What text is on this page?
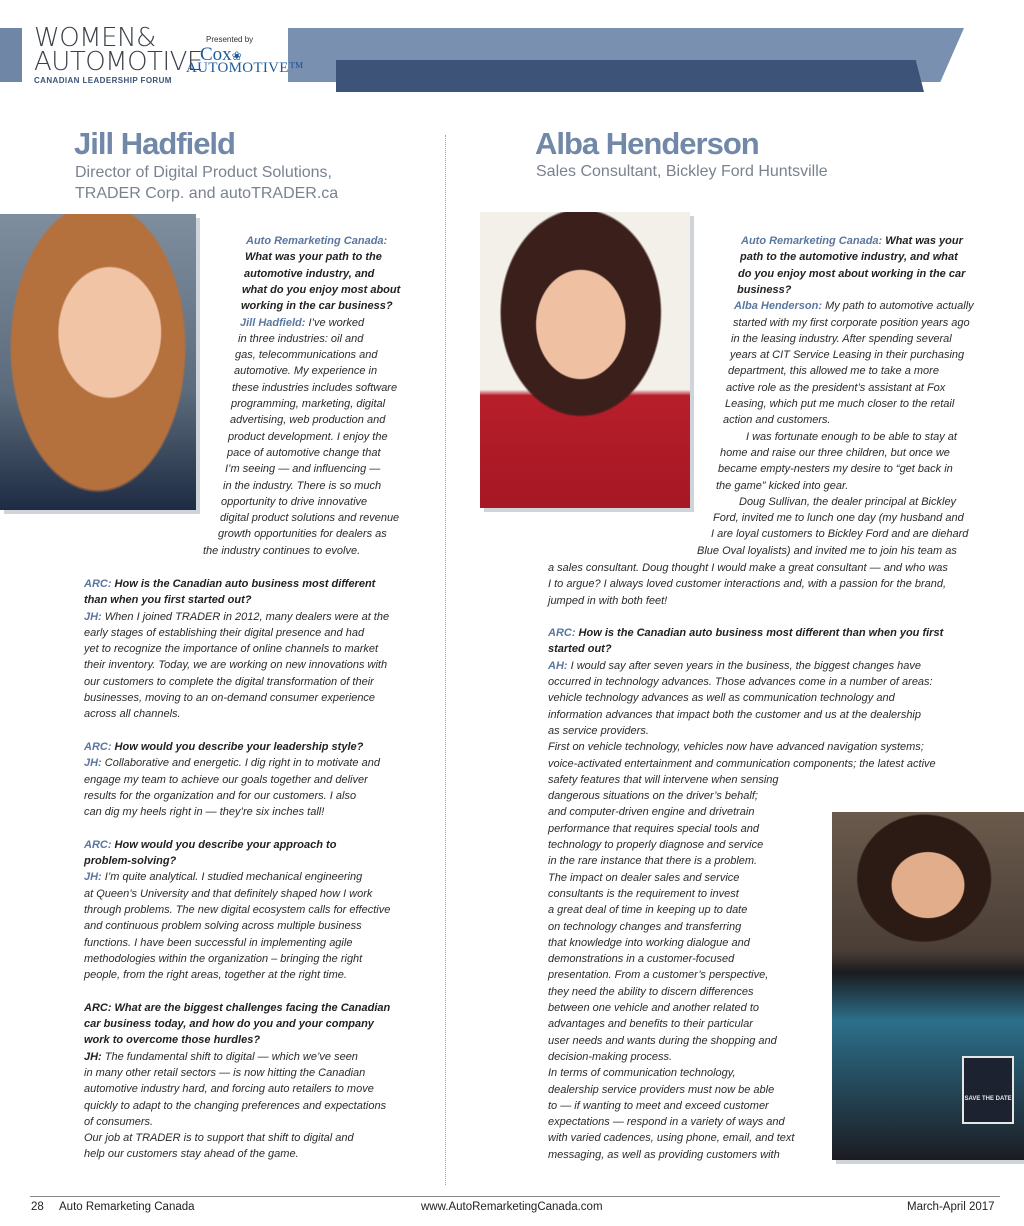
WOMEN&
AUTOMOTIVE
CANADIAN LEADERSHIP FORUM
Presented by
Cox❀
AUTOMOTIVE™
Jill Hadfield
Director of Digital Product Solutions,
TRADER Corp. and autoTRADER.ca
Auto Remarketing Canada:
What was your path to the
automotive industry, and
what do you enjoy most about
working in the car business?
Jill Hadfield: I’ve worked
in three industries: oil and
gas, telecommunications and
automotive. My experience in
these industries includes software
programming, marketing, digital
advertising, web production and
product development. I enjoy the
pace of automotive change that
I’m seeing — and influencing —
in the industry. There is so much
opportunity to drive innovative
digital product solutions and revenue
growth opportunities for dealers as
the industry continues to evolve.
ARC: How is the Canadian auto business most different
than when you first started out?
JH: When I joined TRADER in 2012, many dealers were at the
early stages of establishing their digital presence and had
yet to recognize the importance of online channels to market
their inventory. Today, we are working on new innovations with
our customers to complete the digital transformation of their
businesses, moving to an on-demand consumer experience
across all channels.
ARC: How would you describe your leadership style?
JH: Collaborative and energetic. I dig right in to motivate and
engage my team to achieve our goals together and deliver
results for the organization and for our customers. I also
can dig my heels right in — they’re six inches tall!
ARC: How would you describe your approach to
problem-solving?
JH: I’m quite analytical. I studied mechanical engineering
at Queen’s University and that definitely shaped how I work
through problems. The new digital ecosystem calls for effective
and continuous problem solving across multiple business
functions. I have been successful in implementing agile
methodologies within the organization – bringing the right
people, from the right areas, together at the right time.
ARC: What are the biggest challenges facing the Canadian
car business today, and how do you and your company
work to overcome those hurdles?
JH: The fundamental shift to digital — which we’ve seen
in many other retail sectors — is now hitting the Canadian
automotive industry hard, and forcing auto retailers to move
quickly to adapt to the changing preferences and expectations
of consumers.
Our job at TRADER is to support that shift to digital and
help our customers stay ahead of the game.
Alba Henderson
Sales Consultant, Bickley Ford Huntsville
Auto Remarketing Canada: What was your
path to the automotive industry, and what
do you enjoy most about working in the car
business?
Alba Henderson: My path to automotive actually
started with my first corporate position years ago
in the leasing industry. After spending several
years at CIT Service Leasing in their purchasing
department, this allowed me to take a more
active role as the president’s assistant at Fox
Leasing, which put me much closer to the retail
action and customers.
I was fortunate enough to be able to stay at
home and raise our three children, but once we
became empty-nesters my desire to “get back in
the game” kicked into gear.
Doug Sullivan, the dealer principal at Bickley
Ford, invited me to lunch one day (my husband and
I are loyal customers to Bickley Ford and are diehard
Blue Oval loyalists) and invited me to join his team as
a sales consultant. Doug thought I would make a great consultant — and who was
I to argue? I always loved customer interactions and, with a passion for the brand,
jumped in with both feet!
ARC: How is the Canadian auto business most different than when you first
started out?
AH: I would say after seven years in the business, the biggest changes have
occurred in technology advances. Those advances come in a number of areas:
vehicle technology advances as well as communication technology and
information advances that impact both the customer and us at the dealership
as service providers.
First on vehicle technology, vehicles now have advanced navigation systems;
voice-activated entertainment and communication components; the latest active
safety features that will intervene when sensing
dangerous situations on the driver’s behalf;
and computer-driven engine and drivetrain
performance that requires special tools and
technology to properly diagnose and service
in the rare instance that there is a problem.
The impact on dealer sales and service
consultants is the requirement to invest
a great deal of time in keeping up to date
on technology changes and transferring
that knowledge into working dialogue and
demonstrations in a customer-focused
presentation. From a customer’s perspective,
they need the ability to discern differences
between one vehicle and another related to
advantages and benefits to their particular
user needs and wants during the shopping and
decision-making process.
In terms of communication technology,
dealership service providers must now be able
to — if wanting to meet and exceed customer
expectations — respond in a variety of ways and
with varied cadences, using phone, email, and text
messaging, as well as providing customers with
SAVE THE DATE
28 Auto Remarketing Canada	www.AutoRemarketingCanada.com	March-April 2017
